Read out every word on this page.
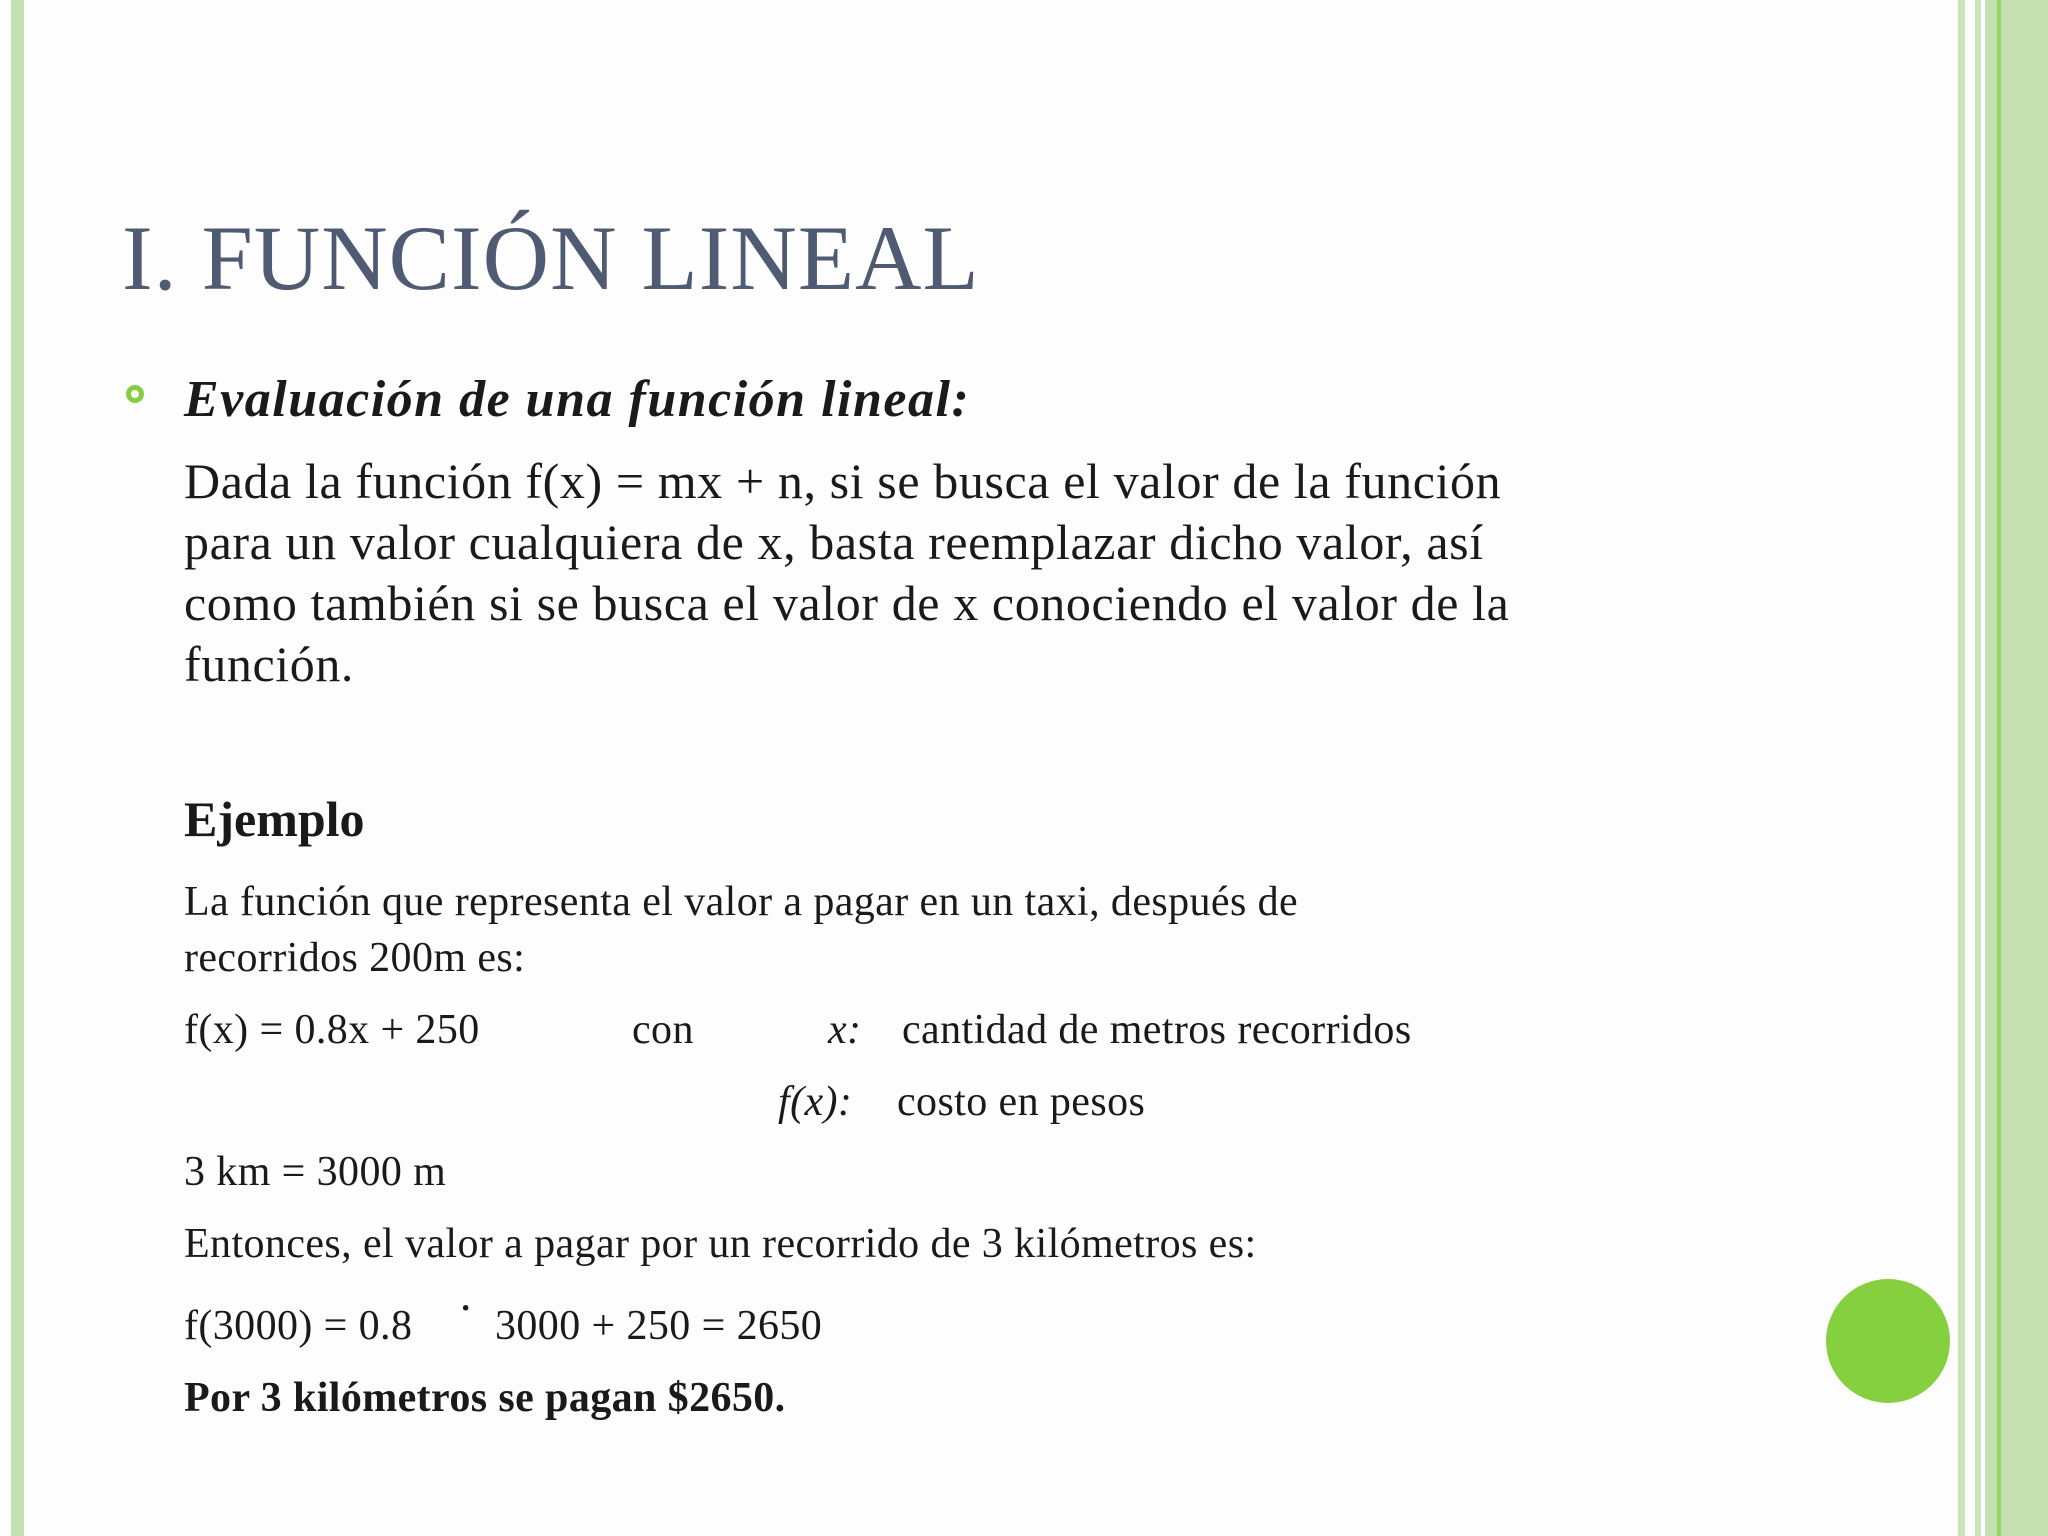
I. FUNCIÓN LINEAL
Evaluación de una función lineal:
Dada la función f(x) = mx + n, si se busca el valor de la función
para un valor cualquiera de x, basta reemplazar dicho valor, así
como también si se busca el valor de x conociendo el valor de la
función.
Ejemplo
La función que representa el valor a pagar en un taxi, después de
recorridos 200m es:
f(x) = 0.8x + 250	con	x: cantidad de metros recorridos
f(x): costo en pesos
3 km = 3000 m
Entonces, el valor a pagar por un recorrido de 3 kilómetros es:
f(3000) = 0.8 · 3000 + 250 = 2650
Por 3 kilómetros se pagan $2650.
